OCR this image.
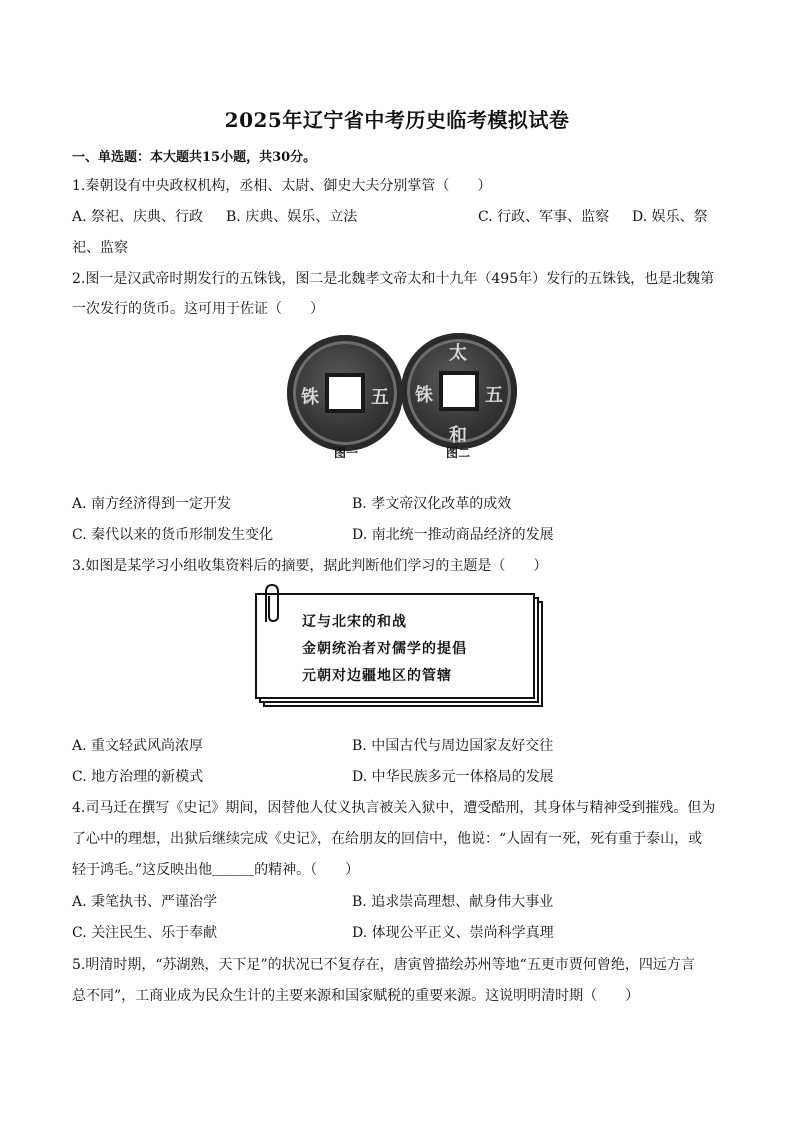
2025年辽宁省中考历史临考模拟试卷
一、单选题：本大题共15小题，共30分。
1.秦朝设有中央政权机构，丞相、太尉、御史大夫分别掌管（　　）
A. 祭祀、庆典、行政 B. 庆典、娱乐、立法	C. 行政、军事、监察 D. 娱乐、祭
祀、监察
2.图一是汉武帝时期发行的五铢钱，图二是北魏孝文帝太和十九年（495年）发行的五铢钱，也是北魏第
一次发行的货币。这可用于佐证（　　）
铢	五
太
铢	五
和
图一	图二
A. 南方经济得到一定开发	B. 孝文帝汉化改革的成效
C. 秦代以来的货币形制发生变化	D. 南北统一推动商品经济的发展
3.如图是某学习小组收集资料后的摘要，据此判断他们学习的主题是（　　）
辽与北宋的和战
金朝统治者对儒学的提倡
元朝对边疆地区的管辖
A. 重文轻武风尚浓厚	B. 中国古代与周边国家友好交往
C. 地方治理的新模式	D. 中华民族多元一体格局的发展
4.司马迁在撰写《史记》期间，因替他人仗义执言被关入狱中，遭受酷刑，其身体与精神受到摧残。但为
了心中的理想，出狱后继续完成《史记》，在给朋友的回信中，他说：“人固有一死，死有重于泰山，或
轻于鸿毛。”这反映出他＿＿＿的精神。（　　）
A. 秉笔执书、严谨治学	B. 追求崇高理想、献身伟大事业
C. 关注民生、乐于奉献	D. 体现公平正义、崇尚科学真理
5.明清时期，“苏湖熟，天下足”的状况已不复存在，唐寅曾描绘苏州等地“五更市贾何曾绝，四远方言
总不同”，工商业成为民众生计的主要来源和国家赋税的重要来源。这说明明清时期（　　）
